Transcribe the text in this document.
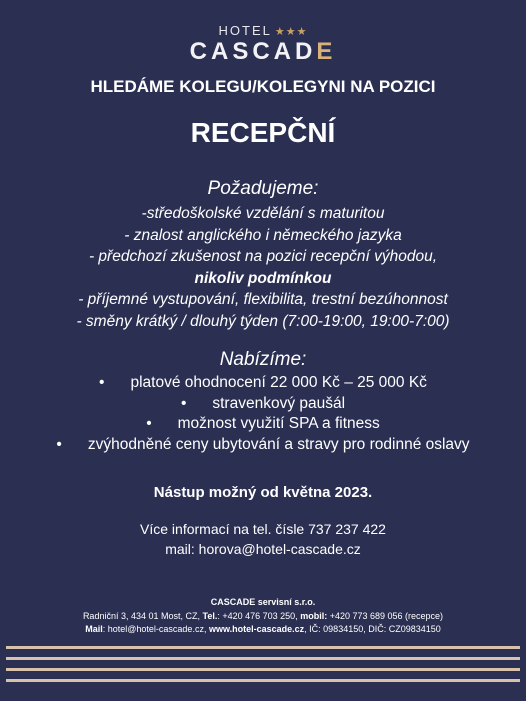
HOTEL ★★★
CASCADE
HLEDÁME KOLEGU/KOLEGYNI NA POZICI
RECEPČNÍ
Požadujeme:
-středoškolské vzdělání s maturitou
- znalost anglického i německého jazyka
- předchozí zkušenost na pozici recepční výhodou,
nikoliv podmínkou
- příjemné vystupování, flexibilita, trestní bezúhonnost
- směny krátký / dlouhý týden (7:00-19:00, 19:00-7:00)
Nabízíme:
• platové ohodnocení 22 000 Kč – 25 000 Kč
• stravenkový paušál
• možnost využití SPA a fitness
• zvýhodněné ceny ubytování a stravy pro rodinné oslavy
Nástup možný od května 2023.
Více informací na tel. čísle 737 237 422
mail: horova@hotel-cascade.cz
CASCADE servisní s.r.o.
Radniční 3, 434 01 Most, CZ, Tel.: +420 476 703 250, mobil: +420 773 689 056 (recepce)
Mail: hotel@hotel-cascade.cz, www.hotel-cascade.cz, IČ: 09834150, DIČ: CZ09834150
